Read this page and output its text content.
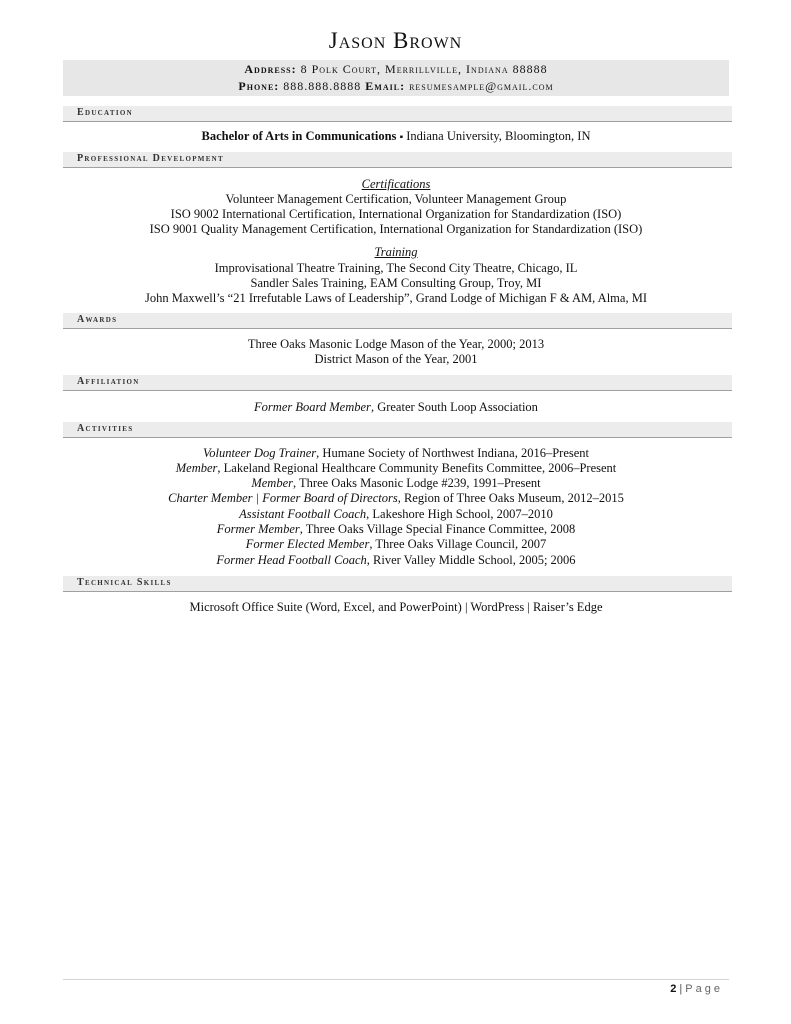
Jason Brown
Address: 8 Polk Court, Merrillville, Indiana 88888
Phone: 888.888.8888 Email: resumesample@gmail.com
Education
Bachelor of Arts in Communications ▪ Indiana University, Bloomington, IN
Professional Development
Certifications
Volunteer Management Certification, Volunteer Management Group
ISO 9002 International Certification, International Organization for Standardization (ISO)
ISO 9001 Quality Management Certification, International Organization for Standardization (ISO)
Training
Improvisational Theatre Training, The Second City Theatre, Chicago, IL
Sandler Sales Training, EAM Consulting Group, Troy, MI
John Maxwell’s “21 Irrefutable Laws of Leadership”, Grand Lodge of Michigan F & AM, Alma, MI
Awards
Three Oaks Masonic Lodge Mason of the Year, 2000; 2013
District Mason of the Year, 2001
Affiliation
Former Board Member, Greater South Loop Association
Activities
Volunteer Dog Trainer, Humane Society of Northwest Indiana, 2016–Present
Member, Lakeland Regional Healthcare Community Benefits Committee, 2006–Present
Member, Three Oaks Masonic Lodge #239, 1991–Present
Charter Member | Former Board of Directors, Region of Three Oaks Museum, 2012–2015
Assistant Football Coach, Lakeshore High School, 2007–2010
Former Member, Three Oaks Village Special Finance Committee, 2008
Former Elected Member, Three Oaks Village Council, 2007
Former Head Football Coach, River Valley Middle School, 2005; 2006
Technical Skills
Microsoft Office Suite (Word, Excel, and PowerPoint) | WordPress | Raiser’s Edge
2 | Page
